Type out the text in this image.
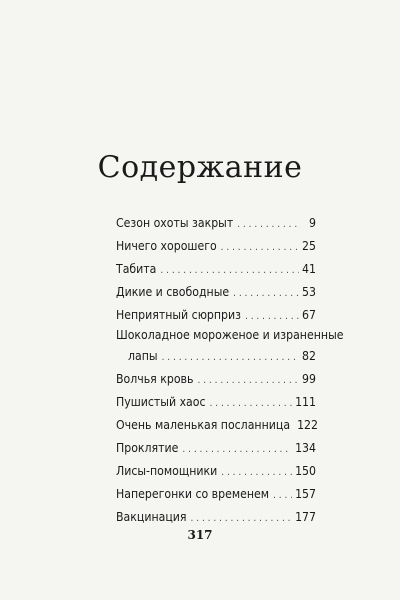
Содержание
Сезон охоты закрыт . . .	9
Ничего хорошего . . .	25
Табита . . .	41
Дикие и свободные . . .	53
Неприятный сюрприз . . .	67
Шоколадное мороженое и израненные
лапы . . .	82
Волчья кровь . . .	99
Пушистый хаос . . .	111
Очень маленькая посланница 122
Проклятие . . .	134
Лисы-помощники . . .	150
Наперегонки со временем . . . 157
Вакцинация . . .	177
317
